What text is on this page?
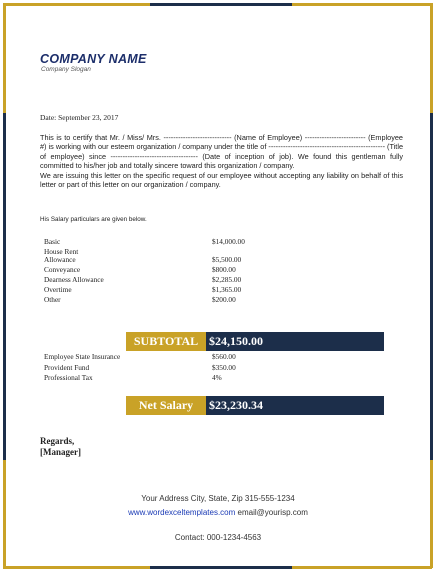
COMPANY NAME
Company Slogan
Date: September 23, 2017

This is to certify that Mr. / Miss/ Mrs. ---------------------------- (Name of Employee) ------------------------- (Employee #) is working with our esteem organization / company under the title of ------------------------------------------------ (Title of employee) since ------------------------------------ (Date of inception of job). We found this gentleman fully committed to his/her job and totally sincere toward this organization / company.

We are issuing this letter on the specific request of our employee without accepting any liability on behalf of this letter or part of this letter on our organization / company.

His Salary particulars are given below.
Basic	$14,000.00
House Rent
Allowance	$5,500.00
Conveyance	$800.00
Dearness Allowance	$2,285.00
Overtime	$1,365.00
Other	$200.00
SUBTOTAL $24,150.00
Employee State Insurance	$560.00
Provident Fund	$350.00
Professional Tax	4%
Net Salary	$23,230.34
Regards,
[Manager]
Your Address City, State, Zip 315-555-1234
www.wordexceltemplates.com email@yourisp.com
Contact: 000-1234-4563
